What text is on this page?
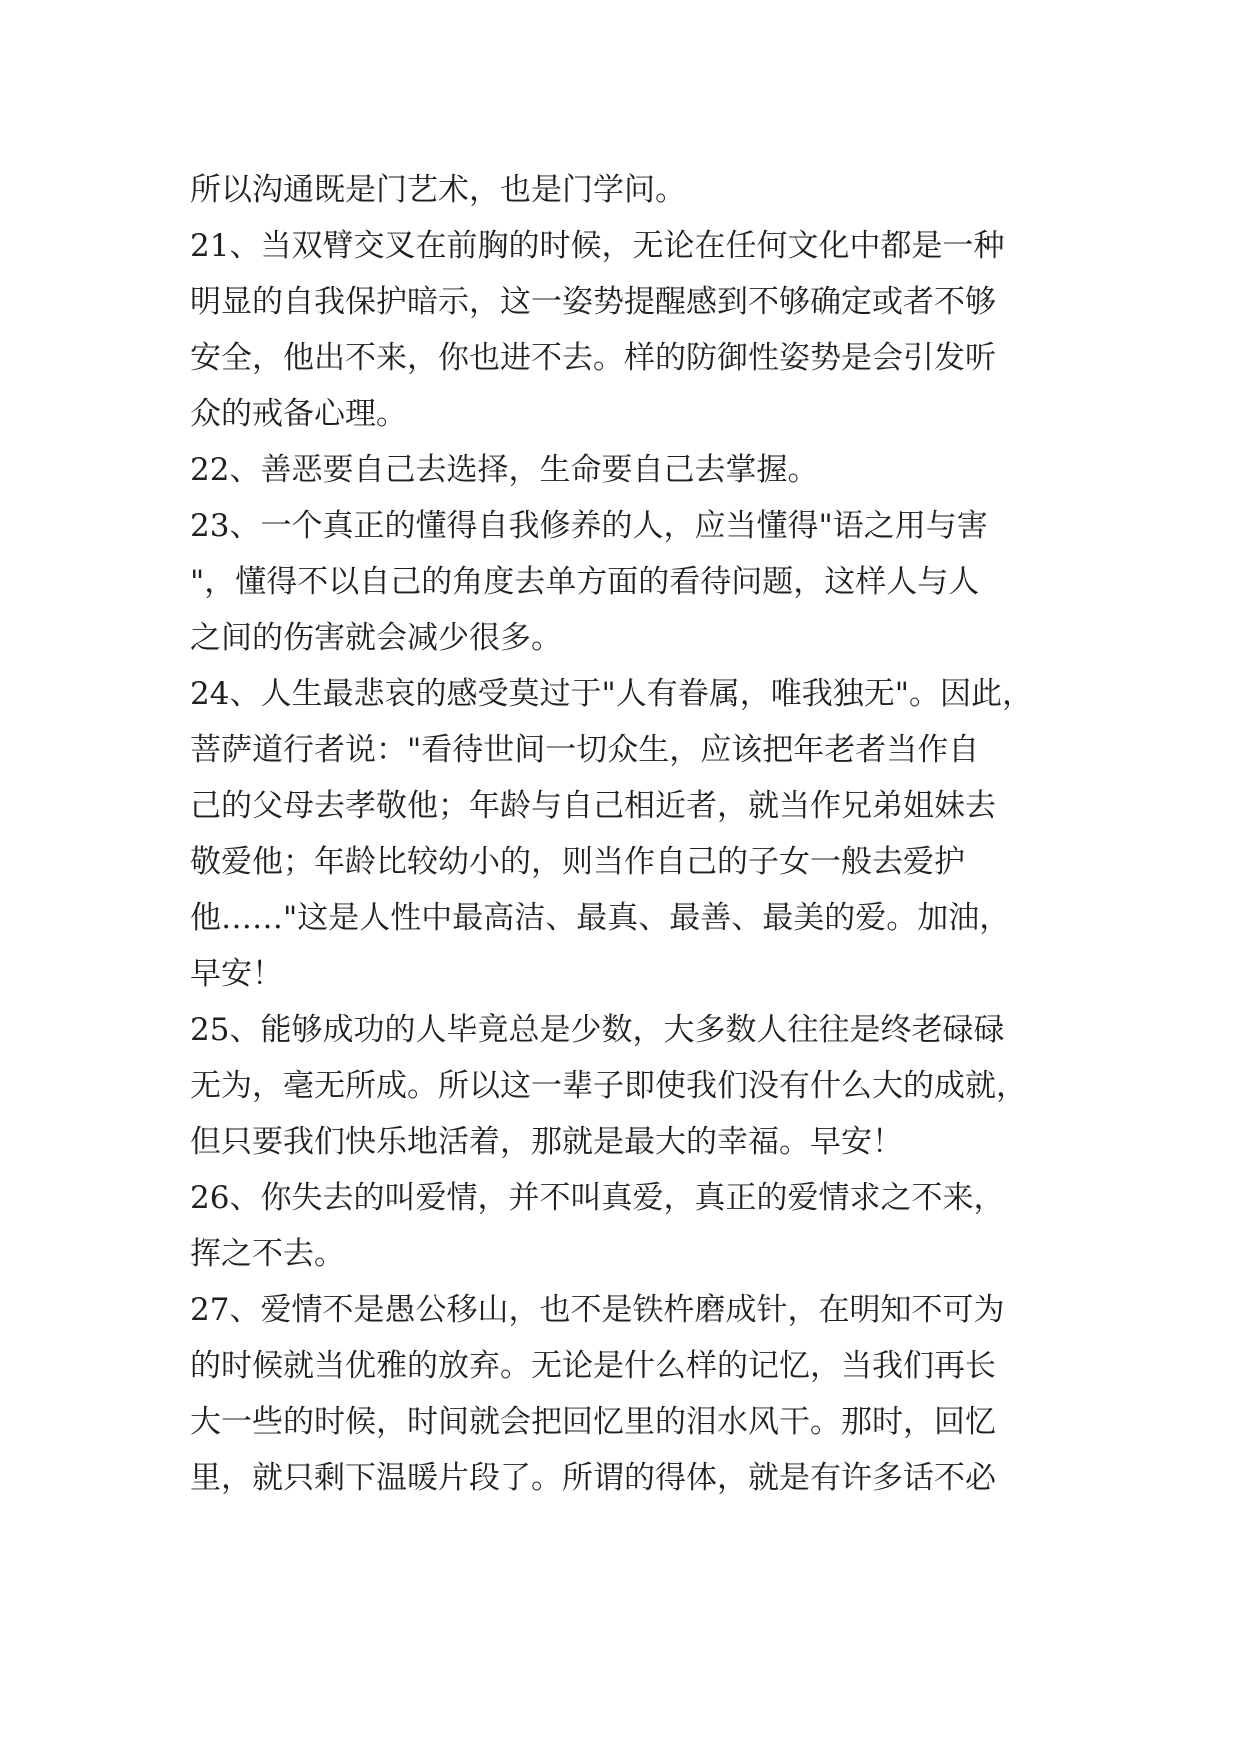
所以沟通既是门艺术，也是门学问。
21、当双臂交叉在前胸的时候，无论在任何文化中都是一种
明显的自我保护暗示，这一姿势提醒感到不够确定或者不够
安全，他出不来，你也进不去。样的防御性姿势是会引发听
众的戒备心理。
22、善恶要自己去选择，生命要自己去掌握。
23、一个真正的懂得自我修养的人，应当懂得"语之用与害
"，懂得不以自己的角度去单方面的看待问题，这样人与人
之间的伤害就会减少很多。
24、人生最悲哀的感受莫过于"人有眷属，唯我独无"。因此，
菩萨道行者说："看待世间一切众生，应该把年老者当作自
己的父母去孝敬他；年龄与自己相近者，就当作兄弟姐妹去
敬爱他；年龄比较幼小的，则当作自己的子女一般去爱护
他……"这是人性中最高洁、最真、最善、最美的爱。加油，
早安！
25、能够成功的人毕竟总是少数，大多数人往往是终老碌碌
无为，毫无所成。所以这一辈子即使我们没有什么大的成就，
但只要我们快乐地活着，那就是最大的幸福。早安！
26、你失去的叫爱情，并不叫真爱，真正的爱情求之不来，
挥之不去。
27、爱情不是愚公移山，也不是铁杵磨成针，在明知不可为
的时候就当优雅的放弃。无论是什么样的记忆，当我们再长
大一些的时候，时间就会把回忆里的泪水风干。那时，回忆
里，就只剩下温暖片段了。所谓的得体，就是有许多话不必
